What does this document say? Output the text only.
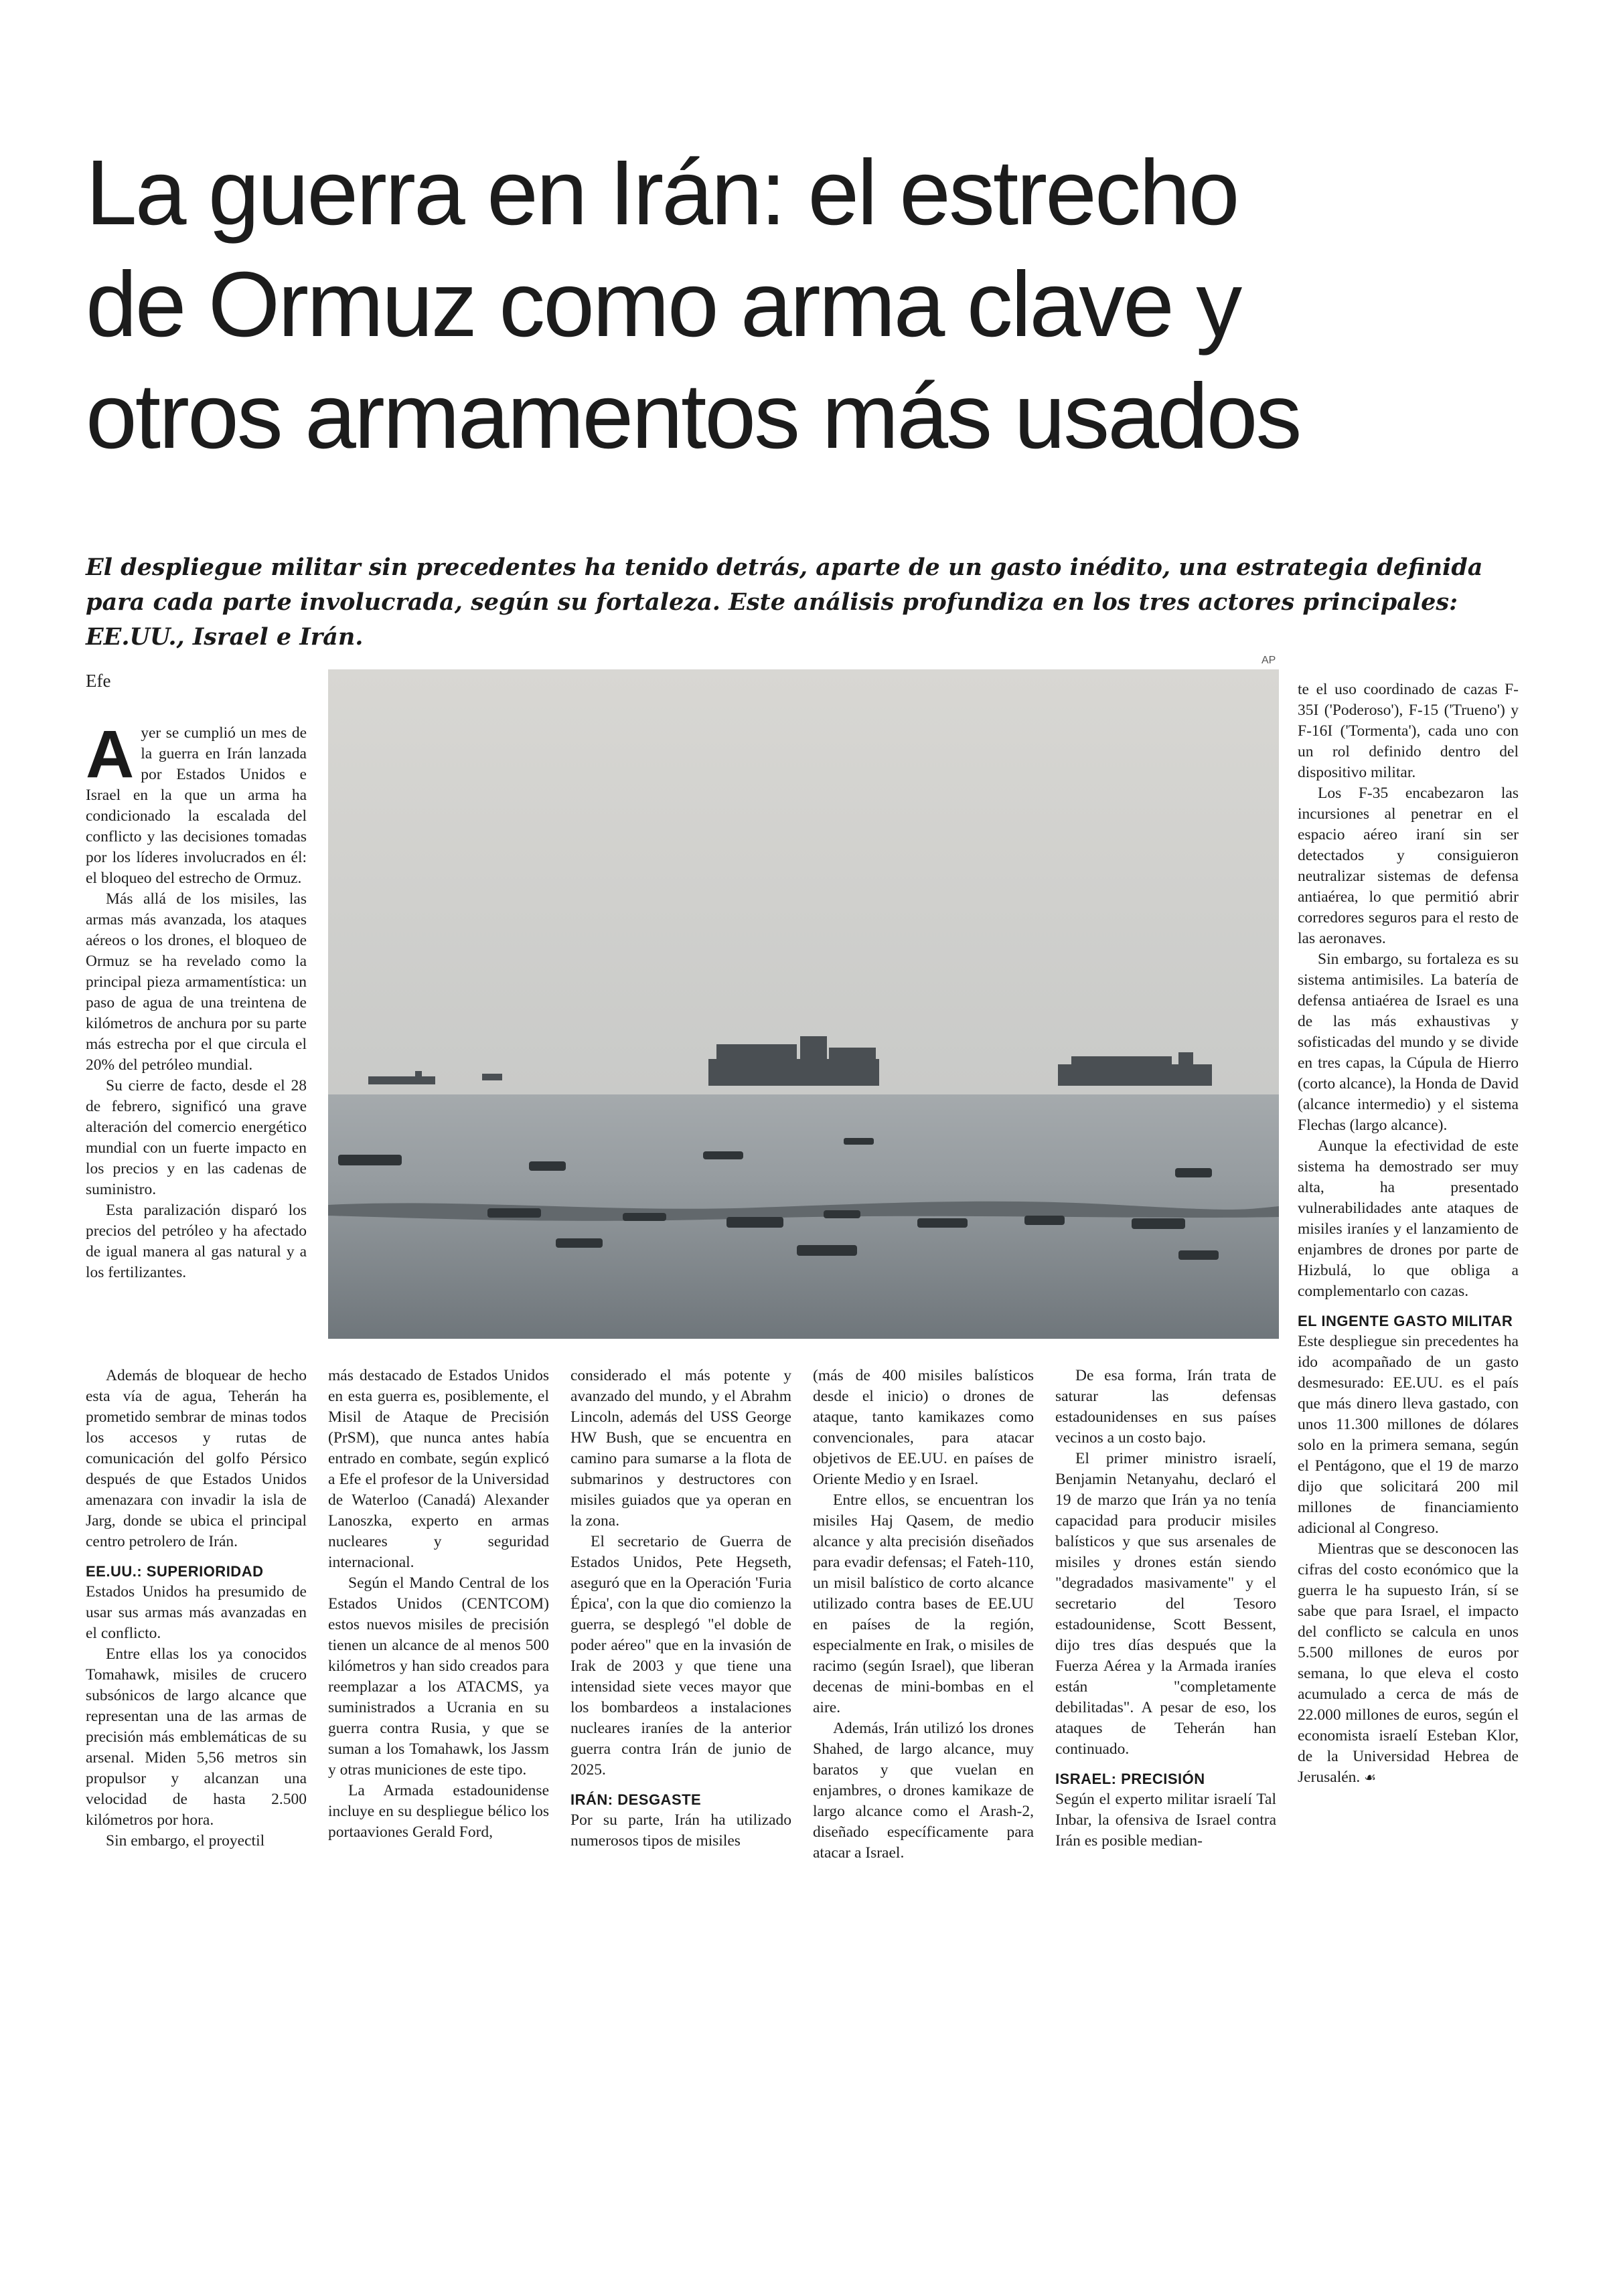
La guerra en Irán: el estrecho
de Ormuz como arma clave y
otros armamentos más usados

El despliegue militar sin precedentes ha tenido detrás, aparte de un gasto inédito, una estrategia definida para cada parte involucrada, según su fortaleza. Este análisis profundiza en los tres actores principales: EE.UU., Israel e Irán.

Efe
AP

Ayer se cumplió un mes de la guerra en Irán lanzada por Estados Unidos e Israel en la que un arma ha condicionado la escalada del conflicto y las decisiones tomadas por los líderes involucrados en él: el bloqueo del estrecho de Ormuz.

Más allá de los misiles, las armas más avanzada, los ataques aéreos o los drones, el bloqueo de Ormuz se ha revelado como la principal pieza armamentística: un paso de agua de una treintena de kilómetros de anchura por su parte más estrecha por el que circula el 20% del petróleo mundial.

Su cierre de facto, desde el 28 de febrero, significó una grave alteración del comercio energético mundial con un fuerte impacto en los precios y en las cadenas de suministro.

Esta paralización disparó los precios del petróleo y ha afectado de igual manera al gas natural y a los fertilizantes.

Además de bloquear de hecho esta vía de agua, Teherán ha prometido sembrar de minas todos los accesos y rutas de comunicación del golfo Pérsico después de que Estados Unidos amenazara con invadir la isla de Jarg, donde se ubica el principal centro petrolero de Irán.

EE.UU.: SUPERIORIDAD

Estados Unidos ha presumido de usar sus armas más avanzadas en el conflicto.

Entre ellas los ya conocidos Tomahawk, misiles de crucero subsónicos de largo alcance que representan una de las armas de precisión más emblemáticas de su arsenal. Miden 5,56 metros sin propulsor y alcanzan una velocidad de hasta 2.500 kilómetros por hora.

Sin embargo, el proyectil

más destacado de Estados Unidos en esta guerra es, posiblemente, el Misil de Ataque de Precisión (PrSM), que nunca antes había entrado en combate, según explicó a Efe el profesor de la Universidad de Waterloo (Canadá) Alexander Lanoszka, experto en armas nucleares y seguridad internacional.

Según el Mando Central de los Estados Unidos (CENTCOM) estos nuevos misiles de precisión tienen un alcance de al menos 500 kilómetros y han sido creados para reemplazar a los ATACMS, ya suministrados a Ucrania en su guerra contra Rusia, y que se suman a los Tomahawk, los Jassm y otras municiones de este tipo.

La Armada estadounidense incluye en su despliegue bélico los portaaviones Gerald Ford,

considerado el más potente y avanzado del mundo, y el Abrahm Lincoln, además del USS George HW Bush, que se encuentra en camino para sumarse a la flota de submarinos y destructores con misiles guiados que ya operan en la zona.

El secretario de Guerra de Estados Unidos, Pete Hegseth, aseguró que en la Operación 'Furia Épica', con la que dio comienzo la guerra, se desplegó "el doble de poder aéreo" que en la invasión de Irak de 2003 y que tiene una intensidad siete veces mayor que los bombardeos a instalaciones nucleares iraníes de la anterior guerra contra Irán de junio de 2025.

IRÁN: DESGASTE

Por su parte, Irán ha utilizado numerosos tipos de misiles

(más de 400 misiles balísticos desde el inicio) o drones de ataque, tanto kamikazes como convencionales, para atacar objetivos de EE.UU. en países de Oriente Medio y en Israel.

Entre ellos, se encuentran los misiles Haj Qasem, de medio alcance y alta precisión diseñados para evadir defensas; el Fateh-110, un misil balístico de corto alcance utilizado contra bases de EE.UU en países de la región, especialmente en Irak, o misiles de racimo (según Israel), que liberan decenas de mini-bombas en el aire.

Además, Irán utilizó los drones Shahed, de largo alcance, muy baratos y que vuelan en enjambres, o drones kamikaze de largo alcance como el Arash-2, diseñado específicamente para atacar a Israel.

De esa forma, Irán trata de saturar las defensas estadounidenses en sus países vecinos a un costo bajo.

El primer ministro israelí, Benjamin Netanyahu, declaró el 19 de marzo que Irán ya no tenía capacidad para producir misiles balísticos y que sus arsenales de misiles y drones están siendo "degradados masivamente" y el secretario del Tesoro estadounidense, Scott Bessent, dijo tres días después que la Fuerza Aérea y la Armada iraníes están "completamente debilitadas". A pesar de eso, los ataques de Teherán han continuado.

ISRAEL: PRECISIÓN

Según el experto militar israelí Tal Inbar, la ofensiva de Israel contra Irán es posible median-

te el uso coordinado de cazas F-35I ('Poderoso'), F-15 ('Trueno') y F-16I ('Tormenta'), cada uno con un rol definido dentro del dispositivo militar.

Los F-35 encabezaron las incursiones al penetrar en el espacio aéreo iraní sin ser detectados y consiguieron neutralizar sistemas de defensa antiaérea, lo que permitió abrir corredores seguros para el resto de las aeronaves.

Sin embargo, su fortaleza es su sistema antimisiles. La batería de defensa antiaérea de Israel es una de las más exhaustivas y sofisticadas del mundo y se divide en tres capas, la Cúpula de Hierro (corto alcance), la Honda de David (alcance intermedio) y el sistema Flechas (largo alcance).

Aunque la efectividad de este sistema ha demostrado ser muy alta, ha presentado vulnerabilidades ante ataques de misiles iraníes y el lanzamiento de enjambres de drones por parte de Hizbulá, lo que obliga a complementarlo con cazas.

EL INGENTE GASTO MILITAR

Este despliegue sin precedentes ha ido acompañado de un gasto desmesurado: EE.UU. es el país que más dinero lleva gastado, con unos 11.300 millones de dólares solo en la primera semana, según el Pentágono, que el 19 de marzo dijo que solicitará 200 mil millones de financiamiento adicional al Congreso.

Mientras que se desconocen las cifras del costo económico que la guerra le ha supuesto Irán, sí se sabe que para Israel, el impacto del conflicto se calcula en unos 5.500 millones de euros por semana, lo que eleva el costo acumulado a cerca de más de 22.000 millones de euros, según el economista israelí Esteban Klor, de la Universidad Hebrea de Jerusalén. ☙
